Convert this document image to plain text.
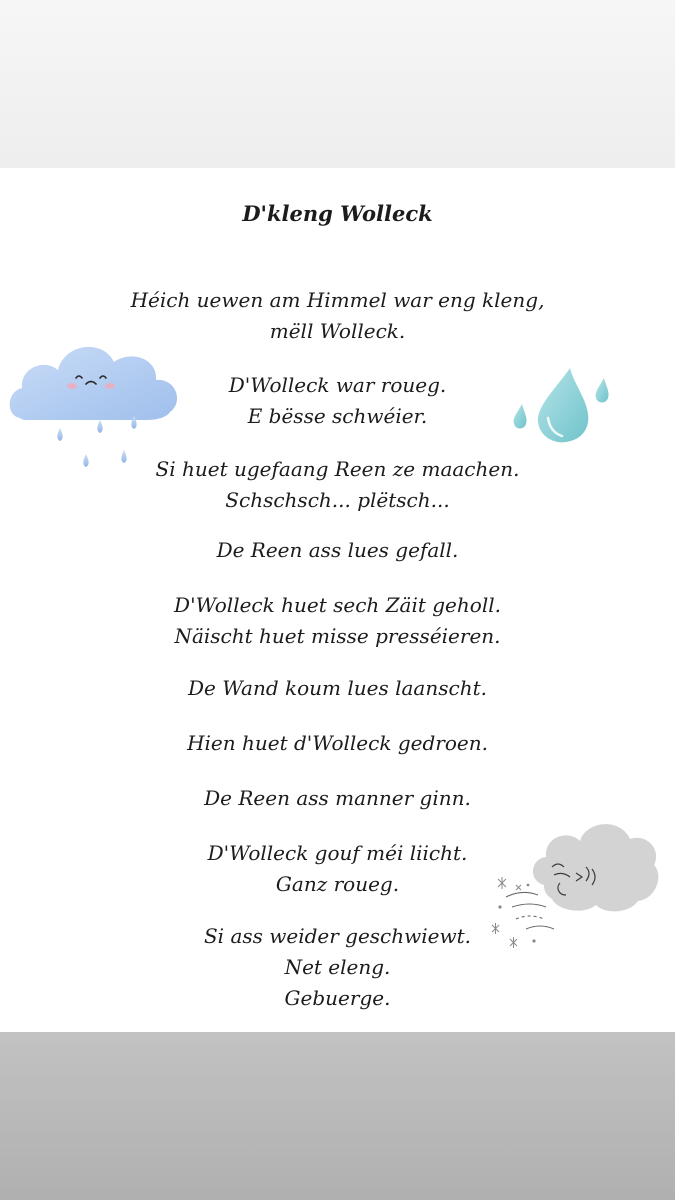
D'kleng Wolleck

Héich uewen am Himmel war eng kleng,
mëll Wolleck.

D'Wolleck war roueg.
E bësse schwéier.

Si huet ugefaang Reen ze maachen.
Schschsch... plëtsch...

De Reen ass lues gefall.

D'Wolleck huet sech Zäit geholl.
Näischt huet misse presséieren.

De Wand koum lues laanscht.

Hien huet d'Wolleck gedroen.

De Reen ass manner ginn.

D'Wolleck gouf méi liicht.
Ganz roueg.

Si ass weider geschwiewt.
Net eleng.
Gebuerge.
